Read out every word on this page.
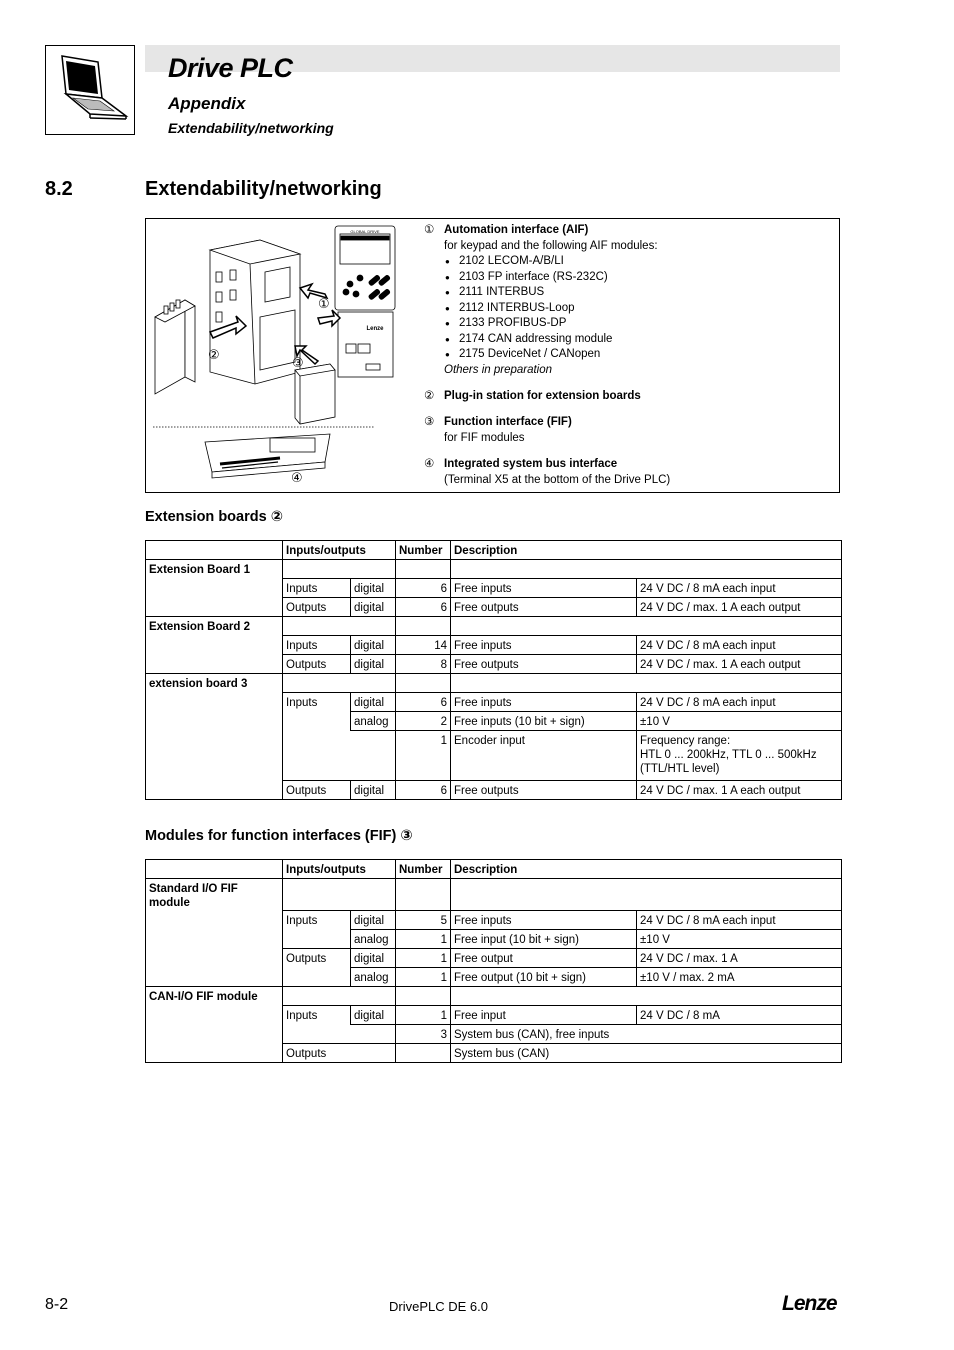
Drive PLC
Appendix
Extendability/networking
8.2	Extendability/networking
GLOBAL DRIVE
Lenze
①
②
③
④
① Automation interface (AIF)
for keypad and the following AIF modules:
● 2102 LECOM-A/B/LI
● 2103 FP interface (RS-232C)
● 2111 INTERBUS
● 2112 INTERBUS-Loop
● 2133 PROFIBUS-DP
● 2174 CAN addressing module
● 2175 DeviceNet / CANopen
Others in preparation
② Plug-in station for extension boards
③ Function interface (FIF)
for FIF modules
④ Integrated system bus interface
(Terminal X5 at the bottom of the Drive PLC)
Extension boards ②
	Inputs/outputs		Number	Description	
Extension Board 1					
	Inputs	digital	6	Free inputs	24 V DC / 8 mA each input
	Outputs	digital	6	Free outputs	24 V DC / max. 1 A each output
Extension Board 2					
	Inputs	digital	14	Free inputs	24 V DC / 8 mA each input
	Outputs	digital	8	Free outputs	24 V DC / max. 1 A each output
extension board 3					
	Inputs	digital	6	Free inputs	24 V DC / 8 mA each input
		analog	2	Free inputs (10 bit + sign)	±10 V
			1	Encoder input	Frequency range:
HTL 0 ... 200kHz, TTL 0 ... 500kHz
(TTL/HTL level)

	Outputs	digital	6	Free outputs	24 V DC / max. 1 A each output
Modules for function interfaces (FIF) ③
	Inputs/outputs		Number	Description	
Standard I/O FIF module					
	Inputs	digital	5	Free inputs	24 V DC / 8 mA each input
		analog	1	Free input (10 bit + sign)	±10 V
	Outputs	digital	1	Free output	24 V DC / max. 1 A
		analog	1	Free output (10 bit + sign)	±10 V / max. 2 mA
CAN-I/O FIF module					
	Inputs	digital	1	Free input	24 V DC / 8 mA
			3	System bus (CAN), free inputs	
	Outputs			System bus (CAN)	
8-2	DrivePLC DE 6.0	Lenze
